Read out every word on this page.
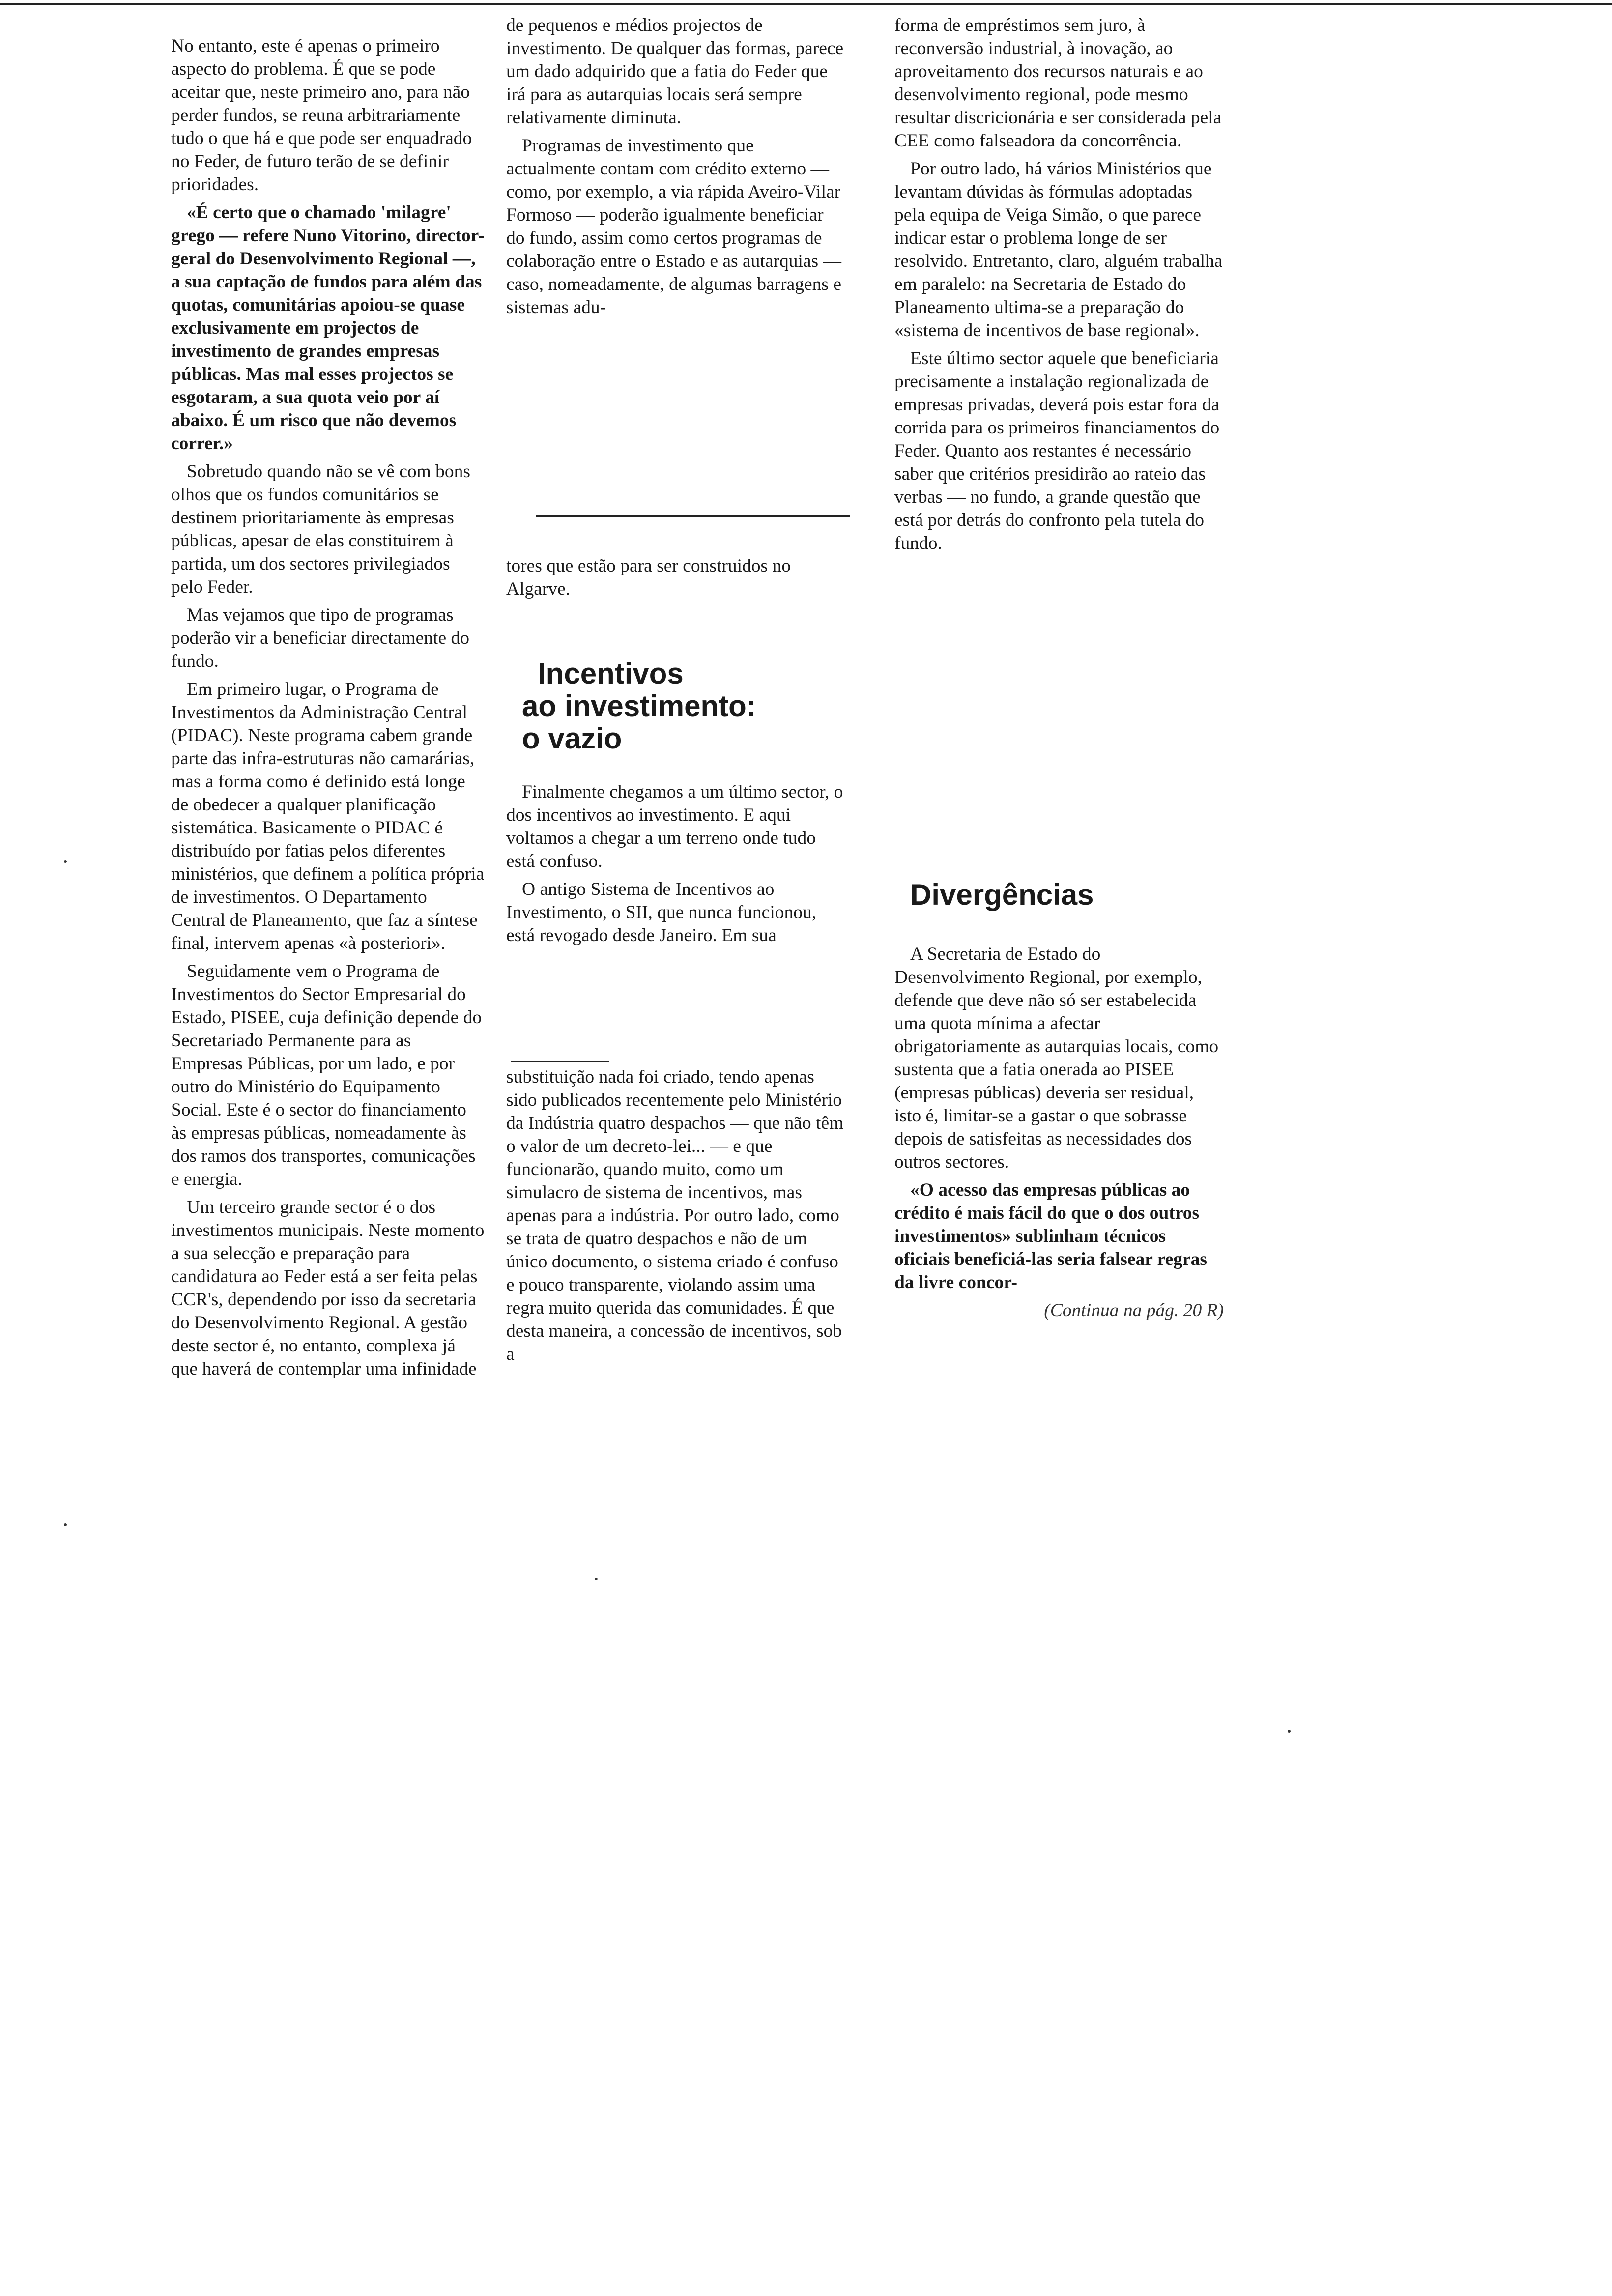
No entanto, este é apenas o primeiro aspecto do problema. É que se pode aceitar que, neste primeiro ano, para não perder fundos, se reuna arbitrariamente tudo o que há e que pode ser enquadrado no Feder, de futuro terão de se definir prioridades.

«É certo que o chamado 'milagre' grego — refere Nuno Vitorino, director-geral do Desenvolvimento Regional —, a sua captação de fundos para além das quotas, comunitárias apoiou-se quase exclusivamente em projectos de investimento de grandes empresas públicas. Mas mal esses projectos se esgotaram, a sua quota veio por aí abaixo. É um risco que não devemos correr.»

Sobretudo quando não se vê com bons olhos que os fundos comunitários se destinem prioritariamente às empresas públicas, apesar de elas constituirem à partida, um dos sectores privilegiados pelo Feder.

Mas vejamos que tipo de programas poderão vir a beneficiar directamente do fundo.

Em primeiro lugar, o Programa de Investimentos da Administração Central (PIDAC). Neste programa cabem grande parte das infra-estruturas não camarárias, mas a forma como é definido está longe de obedecer a qualquer planificação sistemática. Basicamente o PIDAC é distribuído por fatias pelos diferentes ministérios, que definem a política própria de investimentos. O Departamento Central de Planeamento, que faz a síntese final, intervem apenas «à posteriori».

Seguidamente vem o Programa de Investimentos do Sector Empresarial do Estado, PISEE, cuja definição depende do Secretariado Permanente para as Empresas Públicas, por um lado, e por outro do Ministério do Equipamento Social. Este é o sector do financiamento às empresas públicas, nomeadamente às dos ramos dos transportes, comunicações e energia.

Um terceiro grande sector é o dos investimentos municipais. Neste momento a sua selecção e preparação para candidatura ao Feder está a ser feita pelas CCR's, dependendo por isso da secretaria do Desenvolvimento Regional. A gestão deste sector é, no entanto, complexa já que haverá de contemplar uma infinidade

de pequenos e médios projectos de investimento. De qualquer das formas, parece um dado adquirido que a fatia do Feder que irá para as autarquias locais será sempre relativamente diminuta.

Programas de investimento que actualmente contam com crédito externo — como, por exemplo, a via rápida Aveiro-Vilar Formoso — poderão igualmente beneficiar do fundo, assim como certos programas de colaboração entre o Estado e as autarquias — caso, nomeadamente, de algumas barragens e sistemas adu-

tores que estão para ser construidos no Algarve.

Incentivos
ao investimento:
o vazio

Finalmente chegamos a um último sector, o dos incentivos ao investimento. E aqui voltamos a chegar a um terreno onde tudo está confuso.

O antigo Sistema de Incentivos ao Investimento, o SII, que nunca funcionou, está revogado desde Janeiro. Em sua

substituição nada foi criado, tendo apenas sido publicados recentemente pelo Ministério da Indústria quatro despachos — que não têm o valor de um decreto-lei... — e que funcionarão, quando muito, como um simulacro de sistema de incentivos, mas apenas para a indústria. Por outro lado, como se trata de quatro despachos e não de um único documento, o sistema criado é confuso e pouco transparente, violando assim uma regra muito querida das comunidades. É que desta maneira, a concessão de incentivos, sob a

forma de empréstimos sem juro, à reconversão industrial, à inovação, ao aproveitamento dos recursos naturais e ao desenvolvimento regional, pode mesmo resultar discricionária e ser considerada pela CEE como falseadora da concorrência.

Por outro lado, há vários Ministérios que levantam dúvidas às fórmulas adoptadas pela equipa de Veiga Simão, o que parece indicar estar o problema longe de ser resolvido. Entretanto, claro, alguém trabalha em paralelo: na Secretaria de Estado do Planeamento ultima-se a preparação do «sistema de incentivos de base regional».

Este último sector aquele que beneficiaria precisamente a instalação regionalizada de empresas privadas, deverá pois estar fora da corrida para os primeiros financiamentos do Feder. Quanto aos restantes é necessário saber que critérios presidirão ao rateio das verbas — no fundo, a grande questão que está por detrás do confronto pela tutela do fundo.

Divergências

A Secretaria de Estado do Desenvolvimento Regional, por exemplo, defende que deve não só ser estabelecida uma quota mínima a afectar obrigatoriamente as autarquias locais, como sustenta que a fatia onerada ao PISEE (empresas públicas) deveria ser residual, isto é, limitar-se a gastar o que sobrasse depois de satisfeitas as necessidades dos outros sectores.

«O acesso das empresas públicas ao crédito é mais fácil do que o dos outros investimentos» sublinham técnicos oficiais beneficiá-las seria falsear regras da livre concor-

(Continua na pág. 20 R)
